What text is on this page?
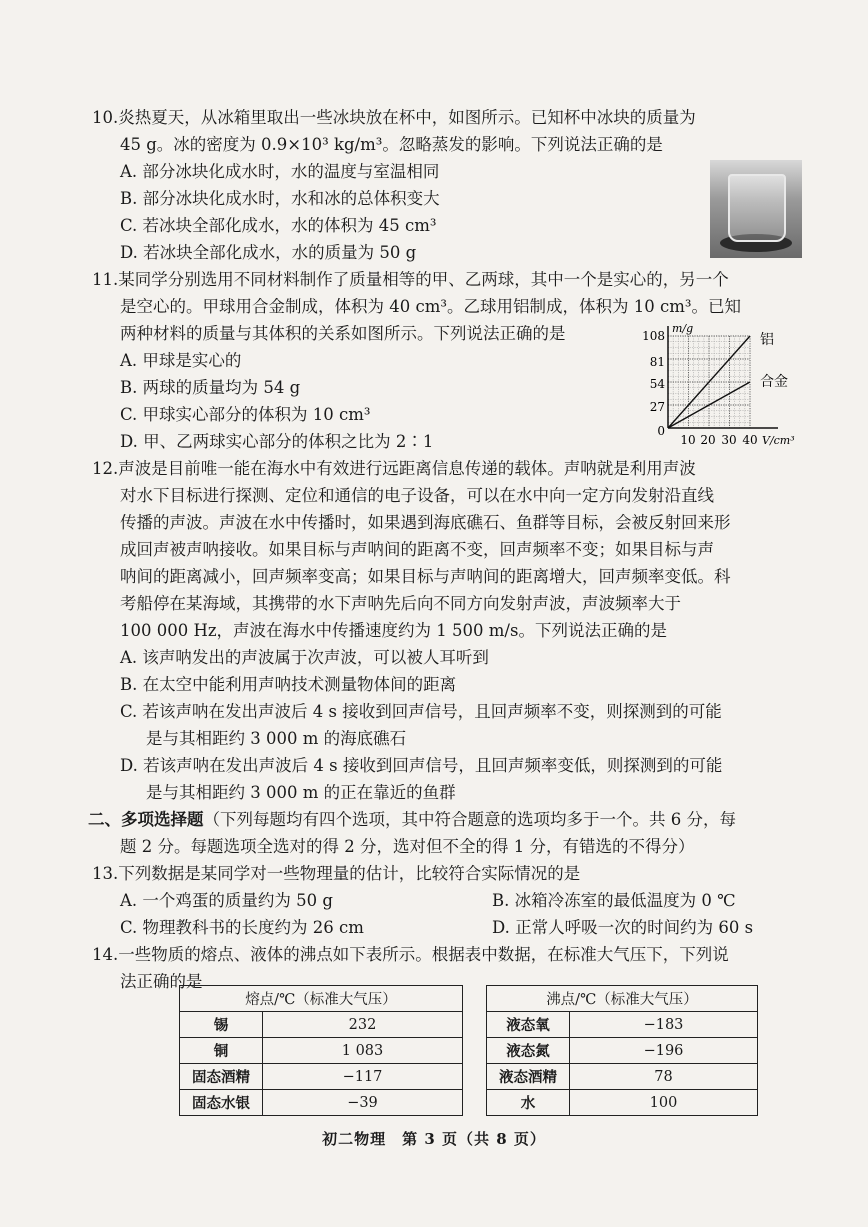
10.炎热夏天，从冰箱里取出一些冰块放在杯中，如图所示。已知杯中冰块的质量为
45 g。冰的密度为 0.9×10³ kg/m³。忽略蒸发的影响。下列说法正确的是
A. 部分冰块化成水时，水的温度与室温相同
B. 部分冰块化成水时，水和冰的总体积变大
C. 若冰块全部化成水，水的体积为 45 cm³
D. 若冰块全部化成水，水的质量为 50 g
11.某同学分别选用不同材料制作了质量相等的甲、乙两球，其中一个是实心的，另一个
是空心的。甲球用合金制成，体积为 40 cm³。乙球用铝制成，体积为 10 cm³。已知
两种材料的质量与其体积的关系如图所示。下列说法正确的是
A. 甲球是实心的
B. 两球的质量均为 54 g
C. 甲球实心部分的体积为 10 cm³
D. 甲、乙两球实心部分的体积之比为 2∶1
108
81
54
27
0
10 20 30 40
m/g
V/cm³
铝
合金
12.声波是目前唯一能在海水中有效进行远距离信息传递的载体。声呐就是利用声波
对水下目标进行探测、定位和通信的电子设备，可以在水中向一定方向发射沿直线
传播的声波。声波在水中传播时，如果遇到海底礁石、鱼群等目标，会被反射回来形
成回声被声呐接收。如果目标与声呐间的距离不变，回声频率不变；如果目标与声
呐间的距离减小，回声频率变高；如果目标与声呐间的距离增大，回声频率变低。科
考船停在某海域，其携带的水下声呐先后向不同方向发射声波，声波频率大于
100 000 Hz，声波在海水中传播速度约为 1 500 m/s。下列说法正确的是
A. 该声呐发出的声波属于次声波，可以被人耳听到
B. 在太空中能利用声呐技术测量物体间的距离
C. 若该声呐在发出声波后 4 s 接收到回声信号，且回声频率不变，则探测到的可能
是与其相距约 3 000 m 的海底礁石
D. 若该声呐在发出声波后 4 s 接收到回声信号，且回声频率变低，则探测到的可能
是与其相距约 3 000 m 的正在靠近的鱼群
二、多项选择题（下列每题均有四个选项，其中符合题意的选项均多于一个。共 6 分，每
题 2 分。每题选项全选对的得 2 分，选对但不全的得 1 分，有错选的不得分）
13.下列数据是某同学对一些物理量的估计，比较符合实际情况的是
A. 一个鸡蛋的质量约为 50 g	B. 冰箱冷冻室的最低温度为 0 ℃
C. 物理教科书的长度约为 26 cm	D. 正常人呼吸一次的时间约为 60 s
14.一些物质的熔点、液体的沸点如下表所示。根据表中数据，在标准大气压下，下列说
法正确的是
熔点/℃（标准大气压）	
锡	232
铜	1 083
固态酒精	−117
固态水银	−39
沸点/℃（标准大气压）	
液态氧	−183
液态氮	−196
液态酒精	78
水	100
初二物理　第 3 页（共 8 页）
